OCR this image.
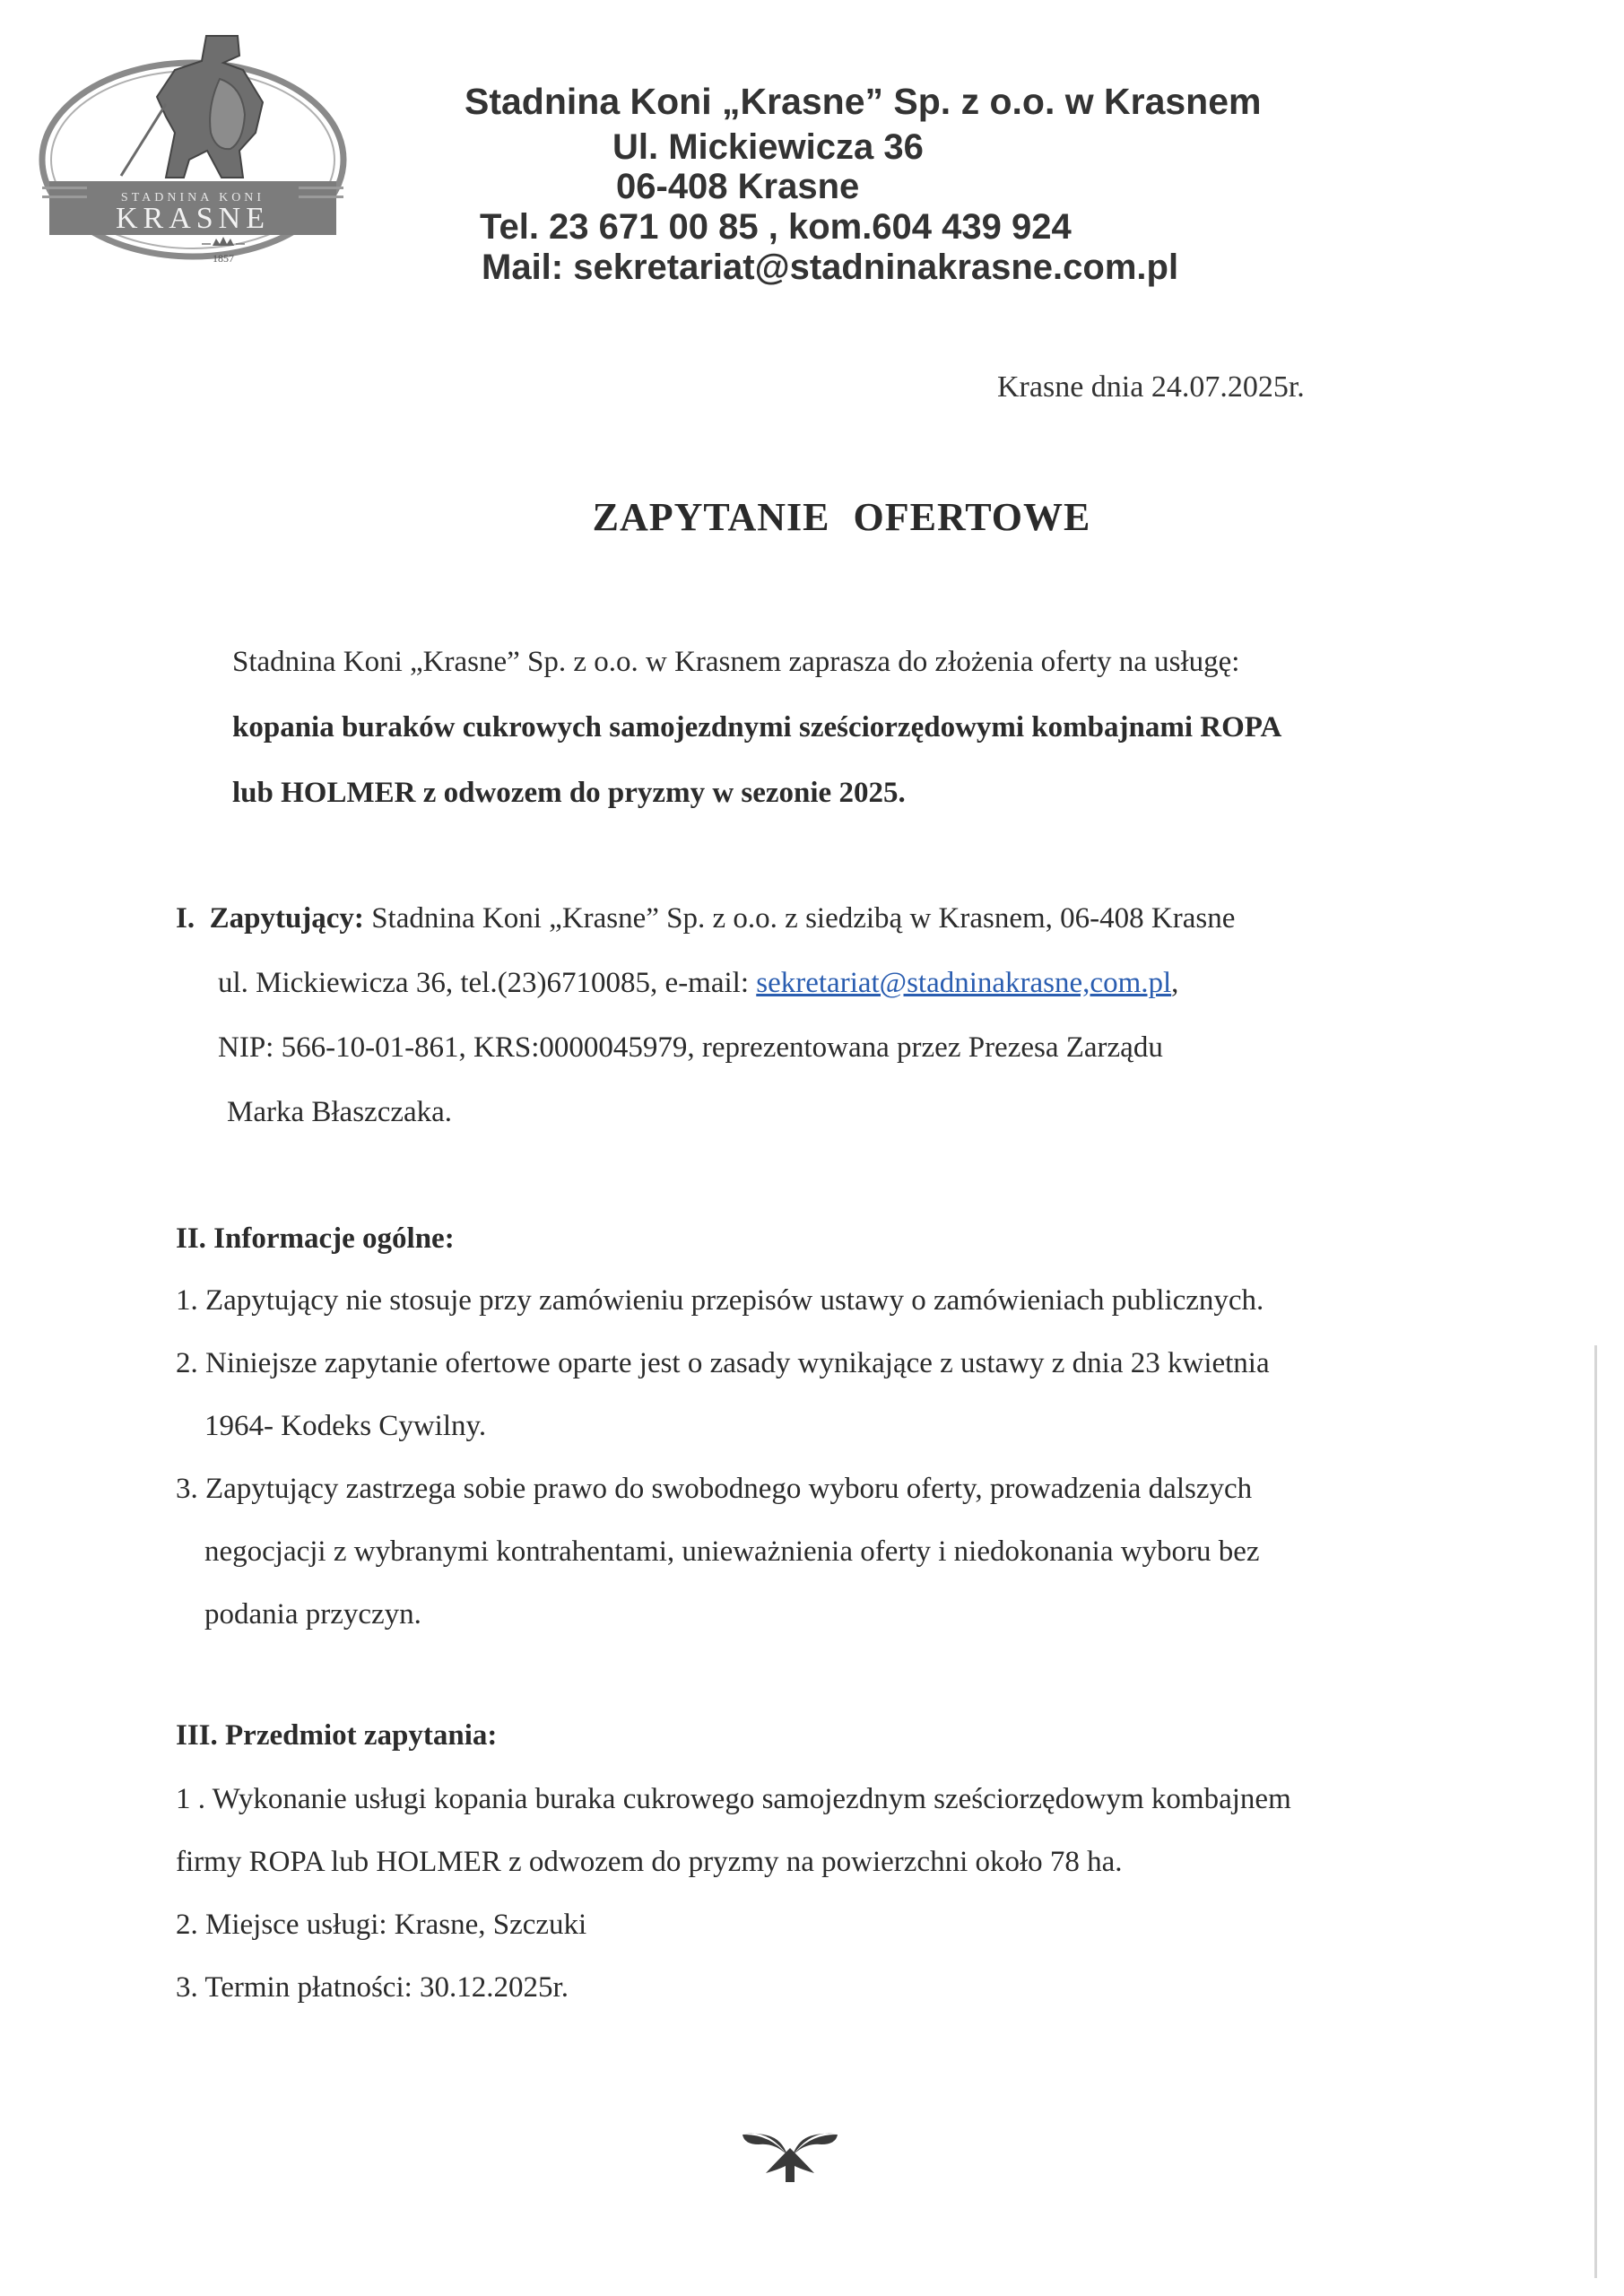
STADNINA KONI
KRASNE
1857
Stadnina Koni „Krasne” Sp. z o.o. w Krasnem
Ul. Mickiewicza 36
06-408 Krasne
Tel. 23 671 00 85 , kom.604 439 924
Mail: sekretariat@stadninakrasne.com.pl
Krasne dnia 24.07.2025r.
ZAPYTANIE OFERTOWE
Stadnina Koni „Krasne” Sp. z o.o. w Krasnem zaprasza do złożenia oferty na usługę:
kopania buraków cukrowych samojezdnymi sześciorzędowymi kombajnami ROPA
lub HOLMER z odwozem do pryzmy w sezonie 2025.
I. Zapytujący: Stadnina Koni „Krasne” Sp. z o.o. z siedzibą w Krasnem, 06-408 Krasne
ul. Mickiewicza 36, tel.(23)6710085, e-mail: sekretariat@stadninakrasne,com.pl,
NIP: 566-10-01-861, KRS:0000045979, reprezentowana przez Prezesa Zarządu
Marka Błaszczaka.
II. Informacje ogólne:
1. Zapytujący nie stosuje przy zamówieniu przepisów ustawy o zamówieniach publicznych.
2. Niniejsze zapytanie ofertowe oparte jest o zasady wynikające z ustawy z dnia 23 kwietnia
1964- Kodeks Cywilny.
3. Zapytujący zastrzega sobie prawo do swobodnego wyboru oferty, prowadzenia dalszych
negocjacji z wybranymi kontrahentami, unieważnienia oferty i niedokonania wyboru bez
podania przyczyn.
III. Przedmiot zapytania:
1 . Wykonanie usługi kopania buraka cukrowego samojezdnym sześciorzędowym kombajnem
firmy ROPA lub HOLMER z odwozem do pryzmy na powierzchni około 78 ha.
2. Miejsce usługi: Krasne, Szczuki
3. Termin płatności: 30.12.2025r.
